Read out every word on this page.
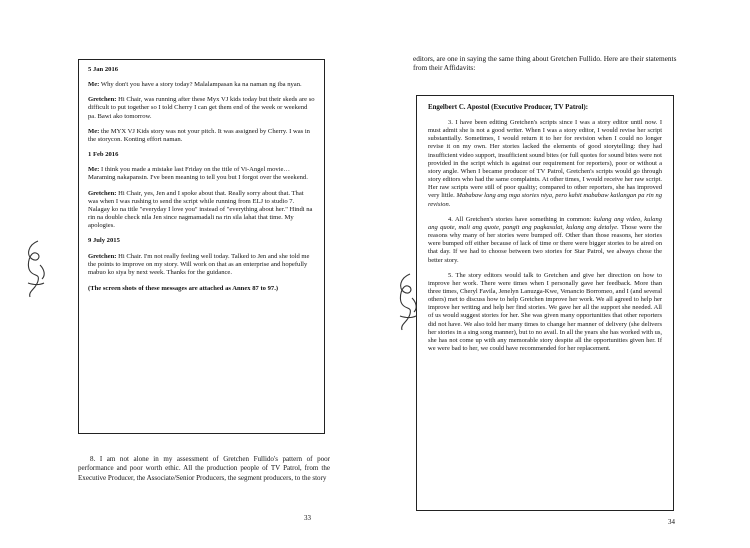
5 Jan 2016

Me: Why don't you have a story today? Malalampasan ka na naman ng iba nyan.

Gretchen: Hi Chair, was running after these Myx VJ kids today but their skeds are so difficult to put together so I told Cherry I can get them end of the week or weekend pa. Bawi ako tomorrow.

Me: the MYX VJ Kids story was not your pitch. It was assigned by Cherry. I was in the storycon. Konting effort naman.

1 Feb 2016

Me: I think you made a mistake last Friday on the title of Vi-Angel movie… Maraming nakapansin. I've been meaning to tell you but I forgot over the weekend.

Gretchen: Hi Chair, yes, Jen and I spoke about that. Really sorry about that. That was when I was rushing to send the script while running from ELJ to studio 7. Nalagay ko na title "everyday I love you" instead of "everything about her." Hindi na rin na double check nila Jen since nagmamadali na rin sila lahat that time. My apologies.

9 July 2015

Gretchen: Hi Chair. I'm not really feeling well today. Talked to Jen and she told me the points to improve on my story. Will work on that as an enterprise and hopefully mabuo ko siya by next week. Thanks for the guidance.

(The screen shots of these messages are attached as Annex 87 to 97.)

8. I am not alone in my assessment of Gretchen Fullido's pattern of poor performance and poor worth ethic. All the production people of TV Patrol, from the Executive Producer, the Associate/Senior Producers, the segment producers, to the story

33

editors, are one in saying the same thing about Gretchen Fullido. Here are their statements from their Affidavits:

Engelbert C. Apostol (Executive Producer, TV Patrol):

3. I have been editing Gretchen's scripts since I was a story editor until now. I must admit she is not a good writer. When I was a story editor, I would revise her script substantially. Sometimes, I would return it to her for revision when I could no longer revise it on my own. Her stories lacked the elements of good storytelling: they had insufficient video support, insufficient sound bites (or full quotes for sound bites were not provided in the script which is against our requirement for reporters), poor or without a story angle. When I became producer of TV Patrol, Gretchen's scripts would go through story editors who had the same complaints. At other times, I would receive her raw script. Her raw scripts were still of poor quality; compared to other reporters, she has improved very little. Mababaw lang ang mga stories niya, pero kahit mababaw kailangan pa rin ng revision.

4. All Gretchen's stories have something in common: kulang ang video, kulang ang quote, mali ang quote, pangit ang pagkasulat, kulang ang detalye. Those were the reasons why many of her stories were bumped off. Other than those reasons, her stories were bumped off either because of lack of time or there were bigger stories to be aired on that day. If we had to choose between two stories for Star Patrol, we always chose the better story.

5. The story editors would talk to Gretchen and give her direction on how to improve her work. There were times when I personally gave her feedback. More than three times, Cheryl Favila, Jenelyn Lanuzga-Kwe, Venancio Borromeo, and I (and several others) met to discuss how to help Gretchen improve her work. We all agreed to help her improve her writing and help her find stories. We gave her all the support she needed. All of us would suggest stories for her. She was given many opportunities that other reporters did not have. We also told her many times to change her manner of delivery (she delivers her stories in a sing song manner), but to no avail. In all the years she has worked with us, she has not come up with any memorable story despite all the opportunities given her. If we were bad to her, we could have recommended for her replacement.

34
